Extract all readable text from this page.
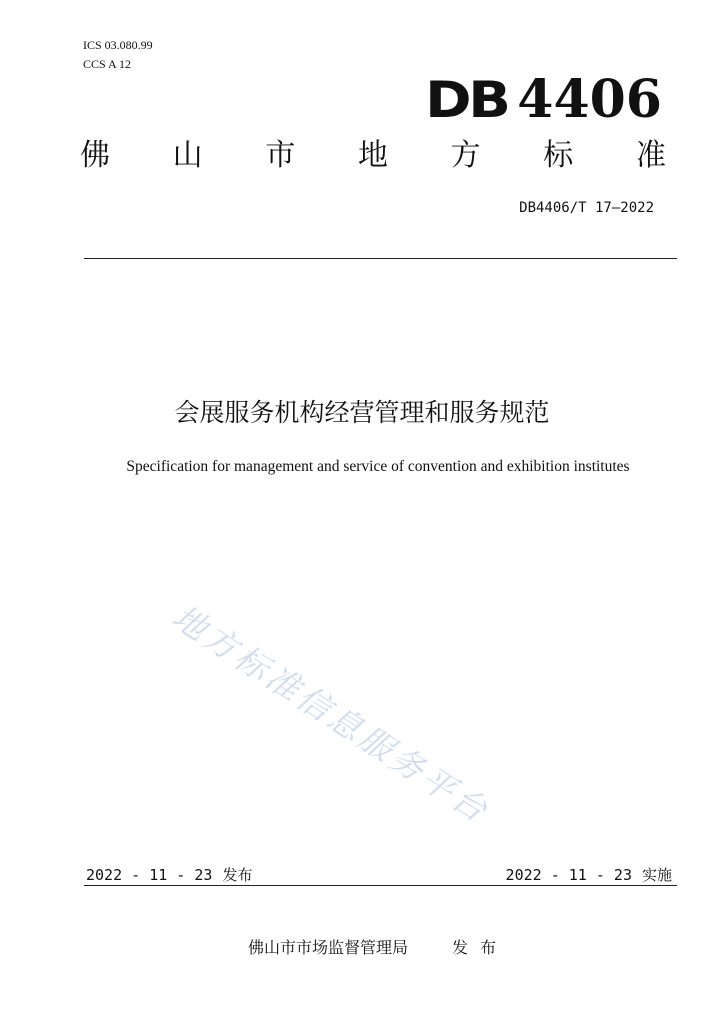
ICS 03.080.99
CCS A 12
DB 4406
佛 山 市 地 方 标 准
DB4406/T 17—2022
会展服务机构经营管理和服务规范
Specification for management and service of convention and exhibition institutes
地方标准信息服务平台
2022 - 11 - 23 发布	2022 - 11 - 23 实施
佛山市市场监督管理局	发布
